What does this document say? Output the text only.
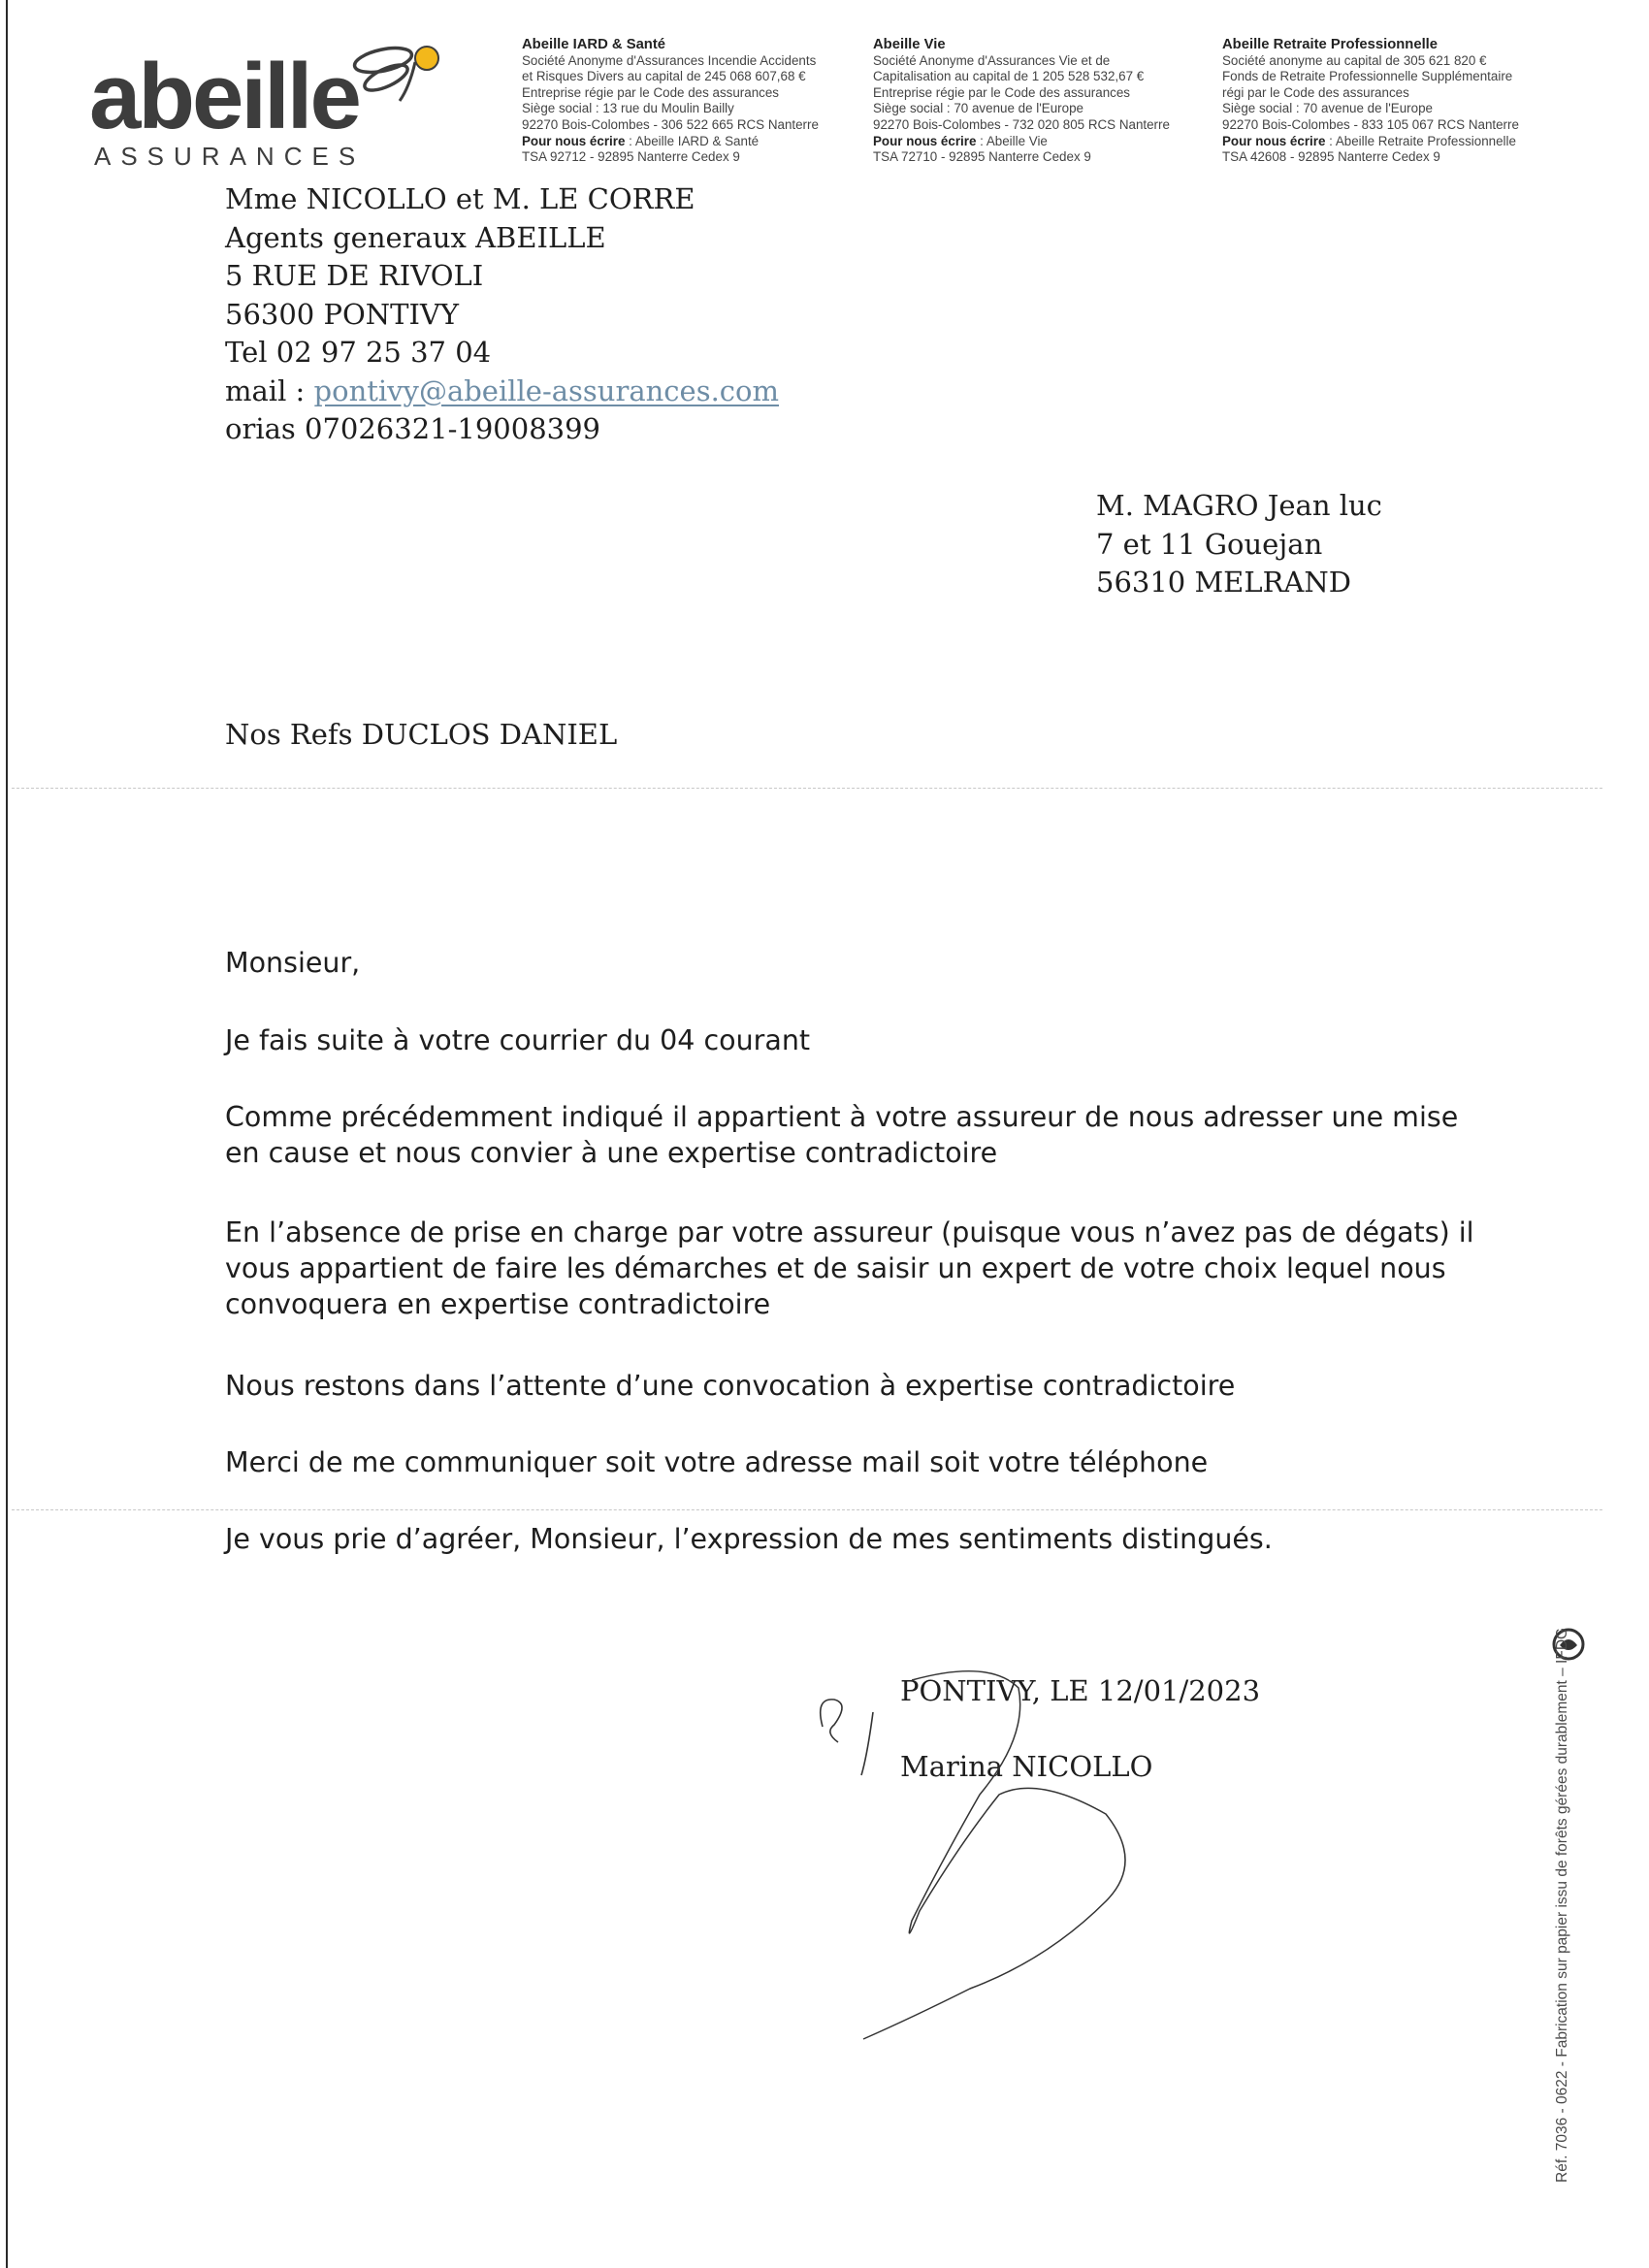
abeille
ASSURANCES
Abeille IARD & Santé
Société Anonyme d'Assurances Incendie Accidents
et Risques Divers au capital de 245 068 607,68 €
Entreprise régie par le Code des assurances
Siège social : 13 rue du Moulin Bailly
92270 Bois-Colombes - 306 522 665 RCS Nanterre
Pour nous écrire : Abeille IARD & Santé
TSA 92712 - 92895 Nanterre Cedex 9
Abeille Vie
Société Anonyme d'Assurances Vie et de
Capitalisation au capital de 1 205 528 532,67 €
Entreprise régie par le Code des assurances
Siège social : 70 avenue de l'Europe
92270 Bois-Colombes - 732 020 805 RCS Nanterre
Pour nous écrire : Abeille Vie
TSA 72710 - 92895 Nanterre Cedex 9
Abeille Retraite Professionnelle
Société anonyme au capital de 305 621 820 €
Fonds de Retraite Professionnelle Supplémentaire
régi par le Code des assurances
Siège social : 70 avenue de l'Europe
92270 Bois-Colombes - 833 105 067 RCS Nanterre
Pour nous écrire : Abeille Retraite Professionnelle
TSA 42608 - 92895 Nanterre Cedex 9
Mme NICOLLO et M. LE CORRE
Agents generaux ABEILLE
5 RUE DE RIVOLI
56300 PONTIVY
Tel 02 97 25 37 04
mail : pontivy@abeille-assurances.com
orias 07026321-19008399
M. MAGRO Jean luc
7 et 11 Gouejan
56310 MELRAND
Nos Refs DUCLOS DANIEL
Monsieur,
Je fais suite à votre courrier du 04 courant
Comme précédemment indiqué il appartient à votre assureur de nous adresser une mise
en cause et nous convier à une expertise contradictoire
En l’absence de prise en charge par votre assureur (puisque vous n’avez pas de dégats) il
vous appartient de faire les démarches et de saisir un expert de votre choix lequel nous
convoquera en expertise contradictoire
Nous restons dans l’attente d’une convocation à expertise contradictoire
Merci de me communiquer soit votre adresse mail soit votre téléphone
Je vous prie d’agréer, Monsieur, l’expression de mes sentiments distingués.
PONTIVY, LE 12/01/2023
Marina NICOLLO	Réf. 7036 - 0622 - Fabrication sur papier issu de forêts gérées durablement – IFDG
